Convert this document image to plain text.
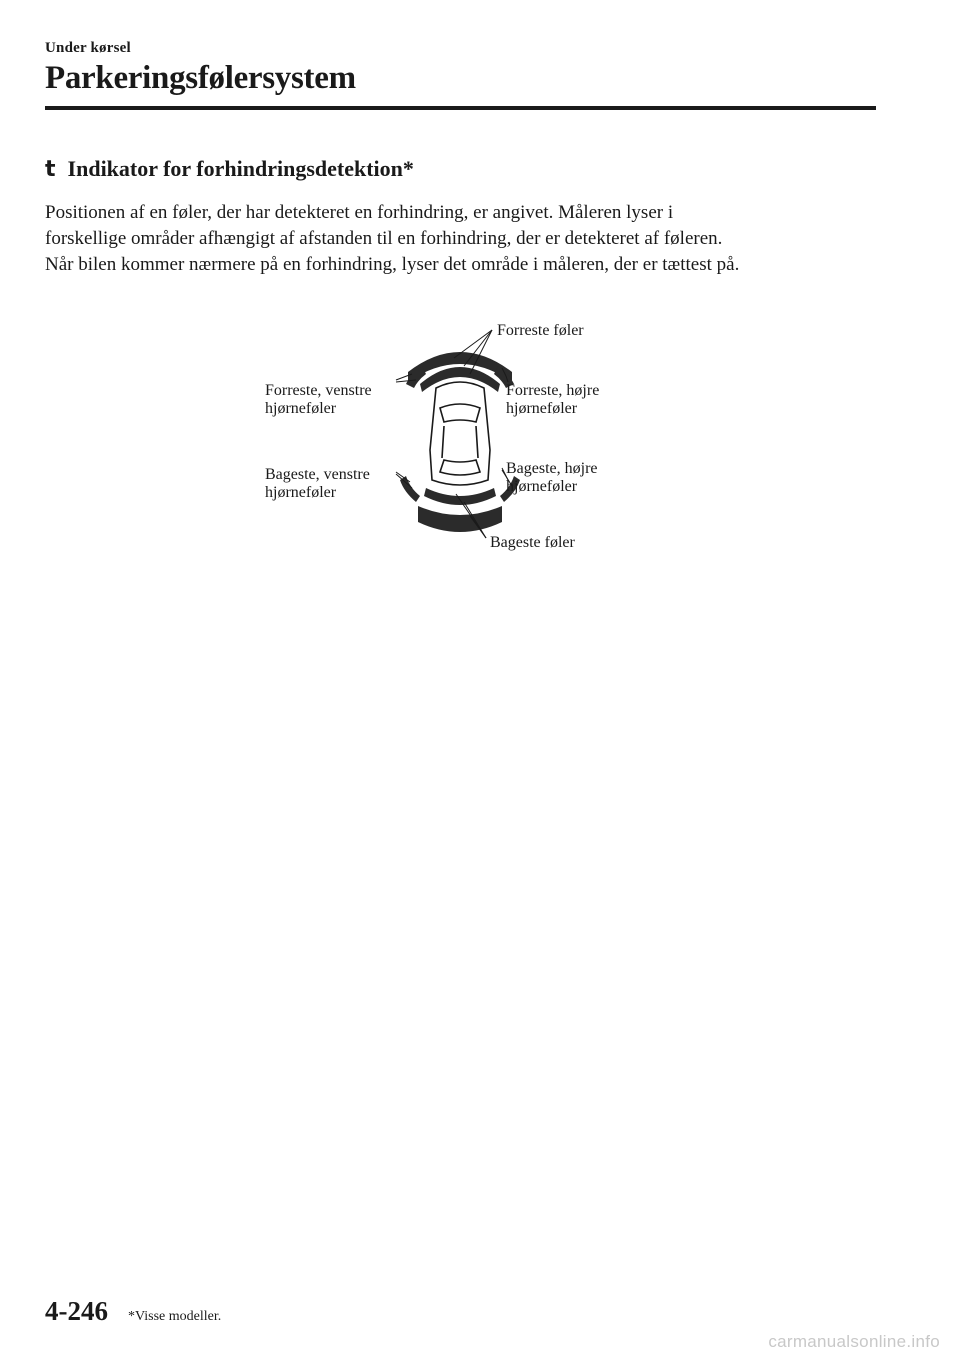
Under kørsel
Parkeringsfølersystem
t Indikator for forhindringsdetektion*
Positionen af en føler, der har detekteret en forhindring, er angivet. Måleren lyser i
forskellige områder afhængigt af afstanden til en forhindring, der er detekteret af føleren.
Når bilen kommer nærmere på en forhindring, lyser det område i måleren, der er tættest på.
Forreste føler
Forreste, venstre
hjørneføler
Forreste, højre
hjørneføler
Bageste, venstre
hjørneføler
Bageste, højre
hjørneføler
Bageste føler
4-246 *Visse modeller.
carmanualsonline.info
